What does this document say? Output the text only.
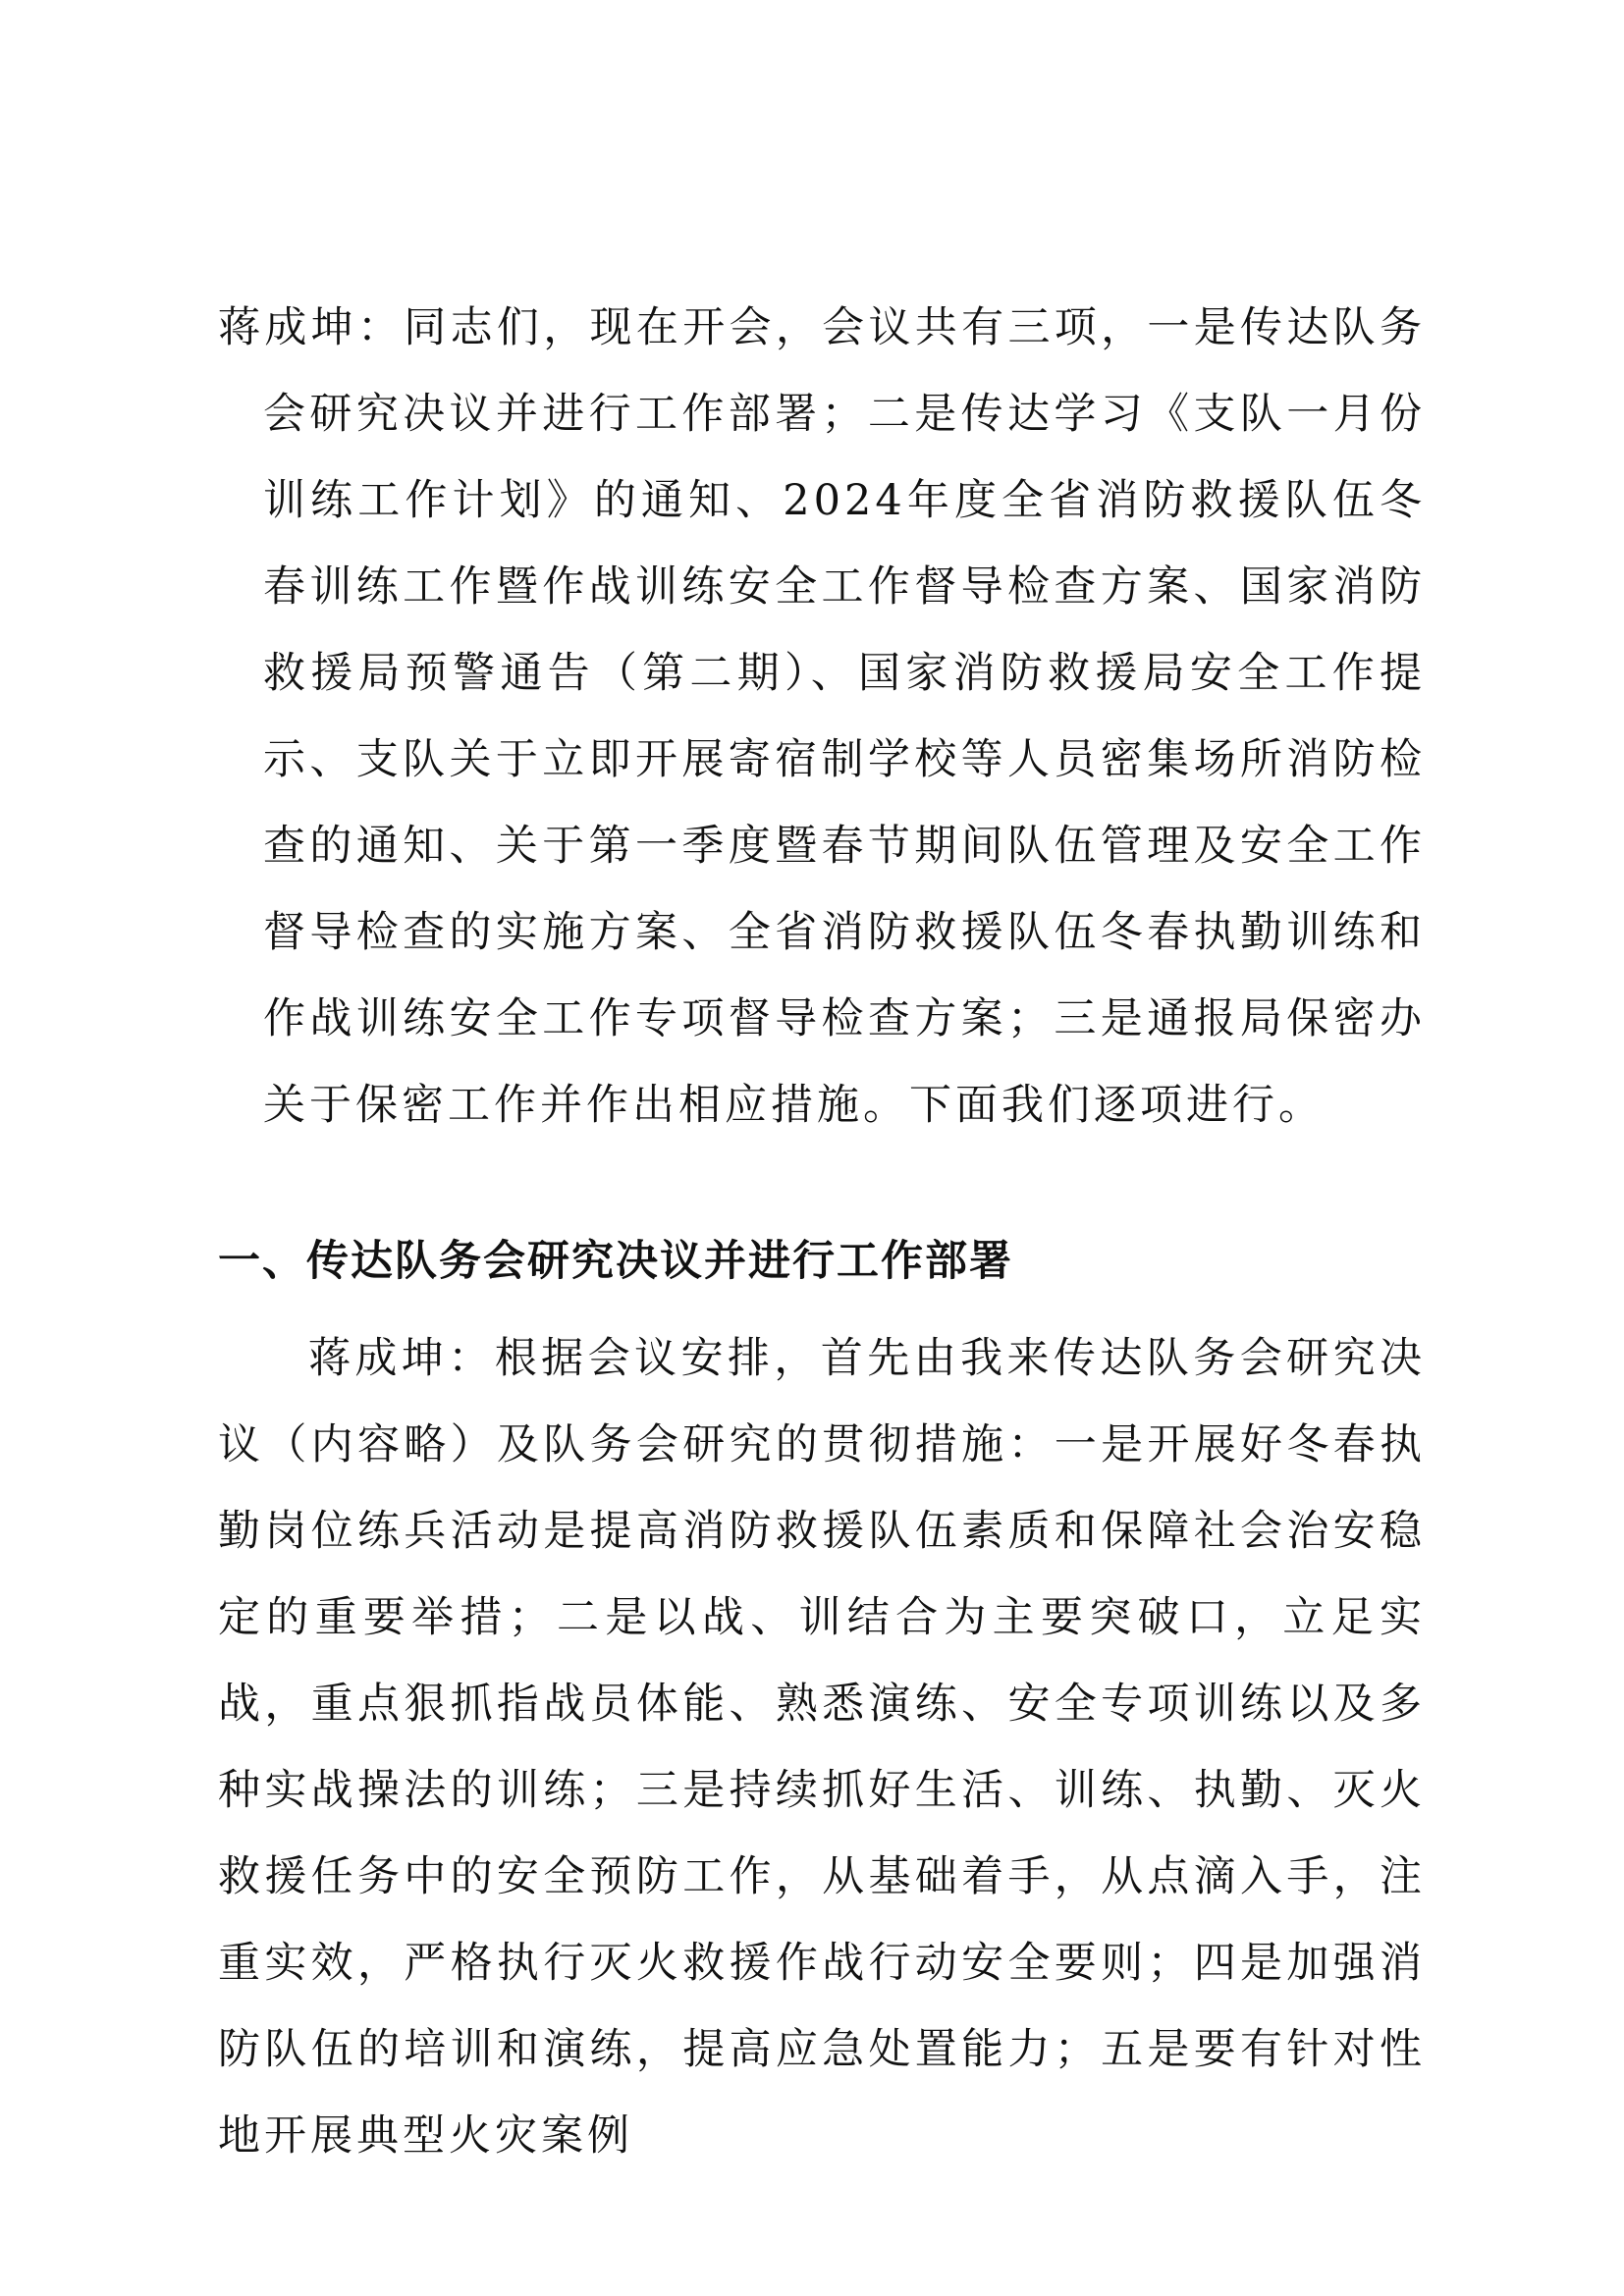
蒋成坤：同志们，现在开会，会议共有三项，一是传达队务会研究决议并进行工作部署；二是传达学习《支队一月份训练工作计划》的通知、2024年度全省消防救援队伍冬春训练工作暨作战训练安全工作督导检查方案、国家消防救援局预警通告（第二期）、国家消防救援局安全工作提示、支队关于立即开展寄宿制学校等人员密集场所消防检查的通知、关于第一季度暨春节期间队伍管理及安全工作督导检查的实施方案、全省消防救援队伍冬春执勤训练和作战训练安全工作专项督导检查方案；三是通报局保密办关于保密工作并作出相应措施。下面我们逐项进行。

一、传达队务会研究决议并进行工作部署

蒋成坤：根据会议安排，首先由我来传达队务会研究决议（内容略）及队务会研究的贯彻措施：一是开展好冬春执勤岗位练兵活动是提高消防救援队伍素质和保障社会治安稳定的重要举措；二是以战、训结合为主要突破口，立足实战，重点狠抓指战员体能、熟悉演练、安全专项训练以及多种实战操法的训练；三是持续抓好生活、训练、执勤、灭火救援任务中的安全预防工作，从基础着手，从点滴入手，注重实效，严格执行灭火救援作战行动安全要则；四是加强消防队伍的培训和演练，提高应急处置能力；五是要有针对性地开展典型火灾案例
